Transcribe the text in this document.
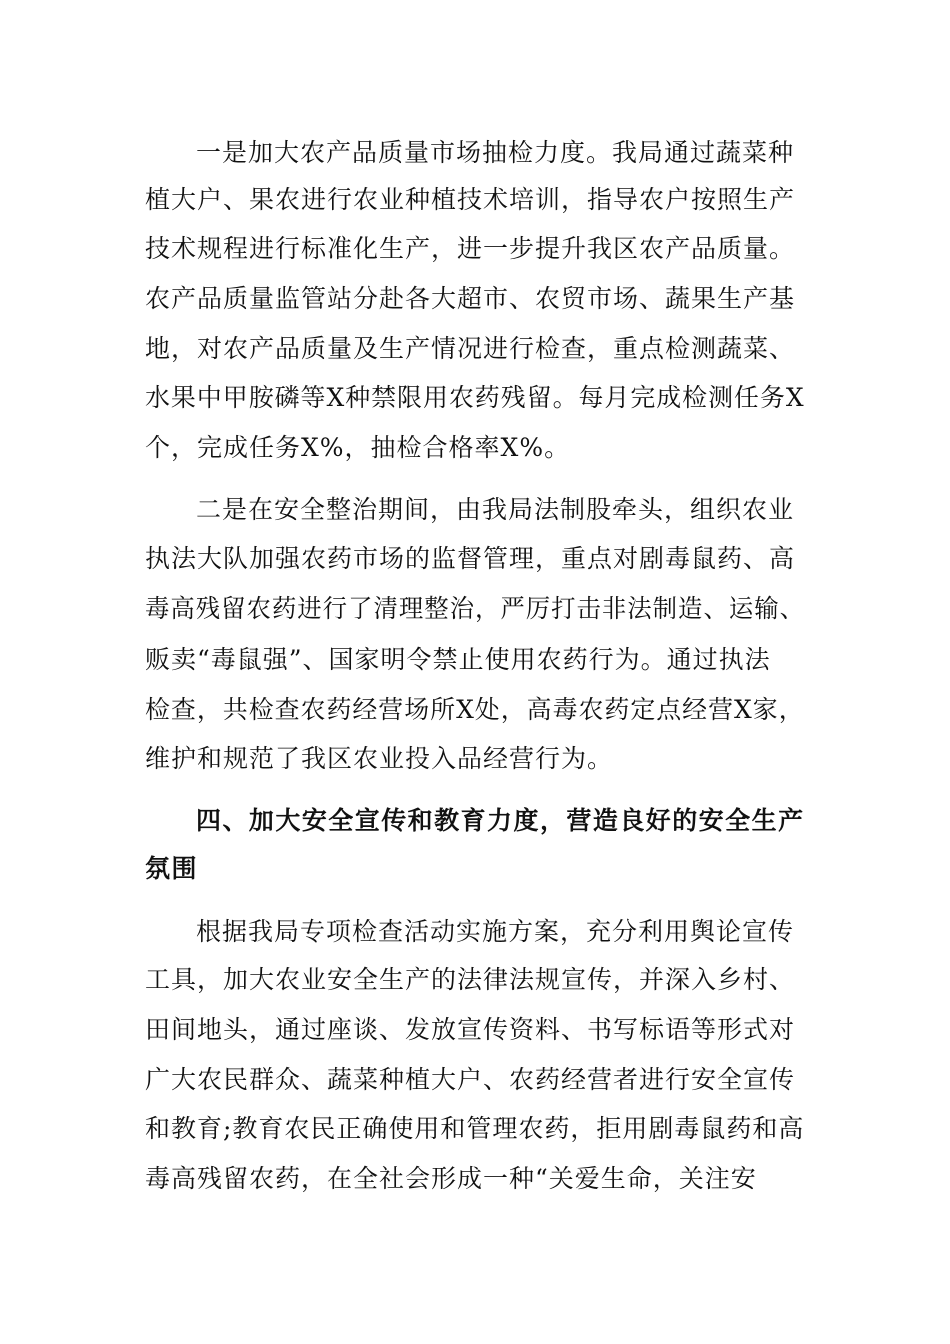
一是加大农产品质量市场抽检力度。我局通过蔬菜种
植大户、果农进行农业种植技术培训，指导农户按照生产
技术规程进行标准化生产，进一步提升我区农产品质量。
农产品质量监管站分赴各大超市、农贸市场、蔬果生产基
地，对农产品质量及生产情况进行检查，重点检测蔬菜、
水果中甲胺磷等X种禁限用农药残留。每月完成检测任务X
个，完成任务X%，抽检合格率X%。
二是在安全整治期间，由我局法制股牵头，组织农业
执法大队加强农药市场的监督管理，重点对剧毒鼠药、高
毒高残留农药进行了清理整治，严厉打击非法制造、运输、
贩卖“毒鼠强”、国家明令禁止使用农药行为。通过执法
检查，共检查农药经营场所X处，高毒农药定点经营X家，
维护和规范了我区农业投入品经营行为。
四、加大安全宣传和教育力度，营造良好的安全生产
氛围
根据我局专项检查活动实施方案，充分利用舆论宣传
工具，加大农业安全生产的法律法规宣传，并深入乡村、
田间地头，通过座谈、发放宣传资料、书写标语等形式对
广大农民群众、蔬菜种植大户、农药经营者进行安全宣传
和教育;教育农民正确使用和管理农药，拒用剧毒鼠药和高
毒高残留农药，在全社会形成一种“关爱生命，关注安
